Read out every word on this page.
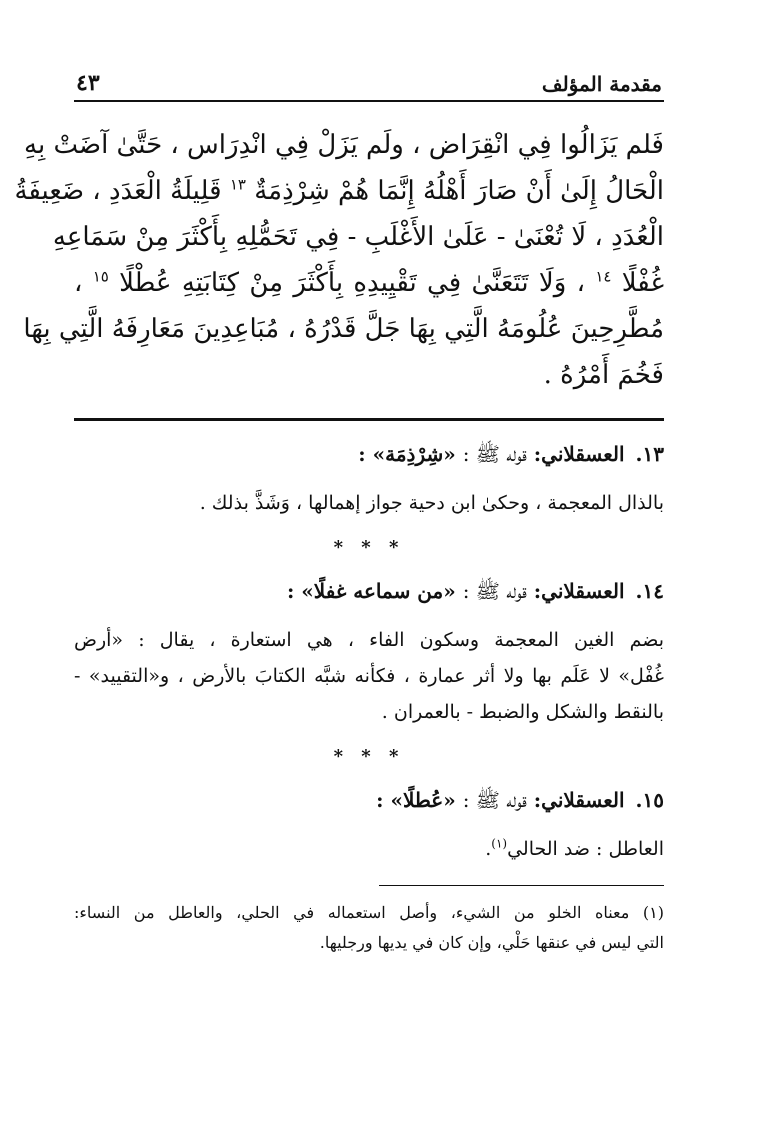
مقدمة المؤلف
٤٣
فَلم يَزَالُوا فِي انْقِرَاض ، ولَم يَزَلْ فِي انْدِرَاس ، حَتَّىٰ آضَتْ بِهِ
الْحَالُ إِلَىٰ أَنْ صَارَ أَهْلُهُ إِنَّمَا هُمْ شِرْذِمَةٌ $^{١٣}$ قَلِيلَةُ الْعَدَدِ ، ضَعِيفَةُ
الْعُدَدِ ، لَا تُعْنَىٰ - عَلَىٰ الأَغْلَبِ - فِي تَحَمُّلِهِ بِأَكْثَرَ مِنْ سَمَاعِهِ
غُفْلًا $^{١٤}$ ، وَلَا تَتَعَنَّىٰ فِي تَقْيِيدِهِ بِأَكْثَرَ مِنْ كِتَابَتِهِ عُطْلًا $^{١٥}$ ،
مُطَّرِحِينَ عُلُومَهُ الَّتِي بِهَا جَلَّ قَدْرُهُ ، مُبَاعِدِينَ مَعَارِفَهُ الَّتِي بِهَا
فَخُمَ أَمْرُهُ .
١٣. العسقلاني: قوله ﷺ : «شِرْذِمَة» :
بالذال المعجمة ، وحكىٰ ابن دحية جواز إهمالها ، وَشَذَّ بذلك .
* * *
١٤. العسقلاني: قوله ﷺ : «من سماعه غفلًا» :
بضم الغين المعجمة وسكون الفاء ، هي استعارة ، يقال : «أرض
غُفْل» لا عَلَم بها ولا أثر عمارة ، فكأنه شبَّه الكتابَ بالأرض ، و«التقييد» -
بالنقط والشكل والضبط - بالعمران .
* * *
١٥. العسقلاني: قوله ﷺ : «عُطلًا» :
العاطل : ضد الحالي$^{(١)}$.
(١) معناه الخلو من الشيء، وأصل استعماله في الحلي، والعاطل من النساء:
التي ليس في عنقها حَلْي، وإن كان في يديها ورجليها.
